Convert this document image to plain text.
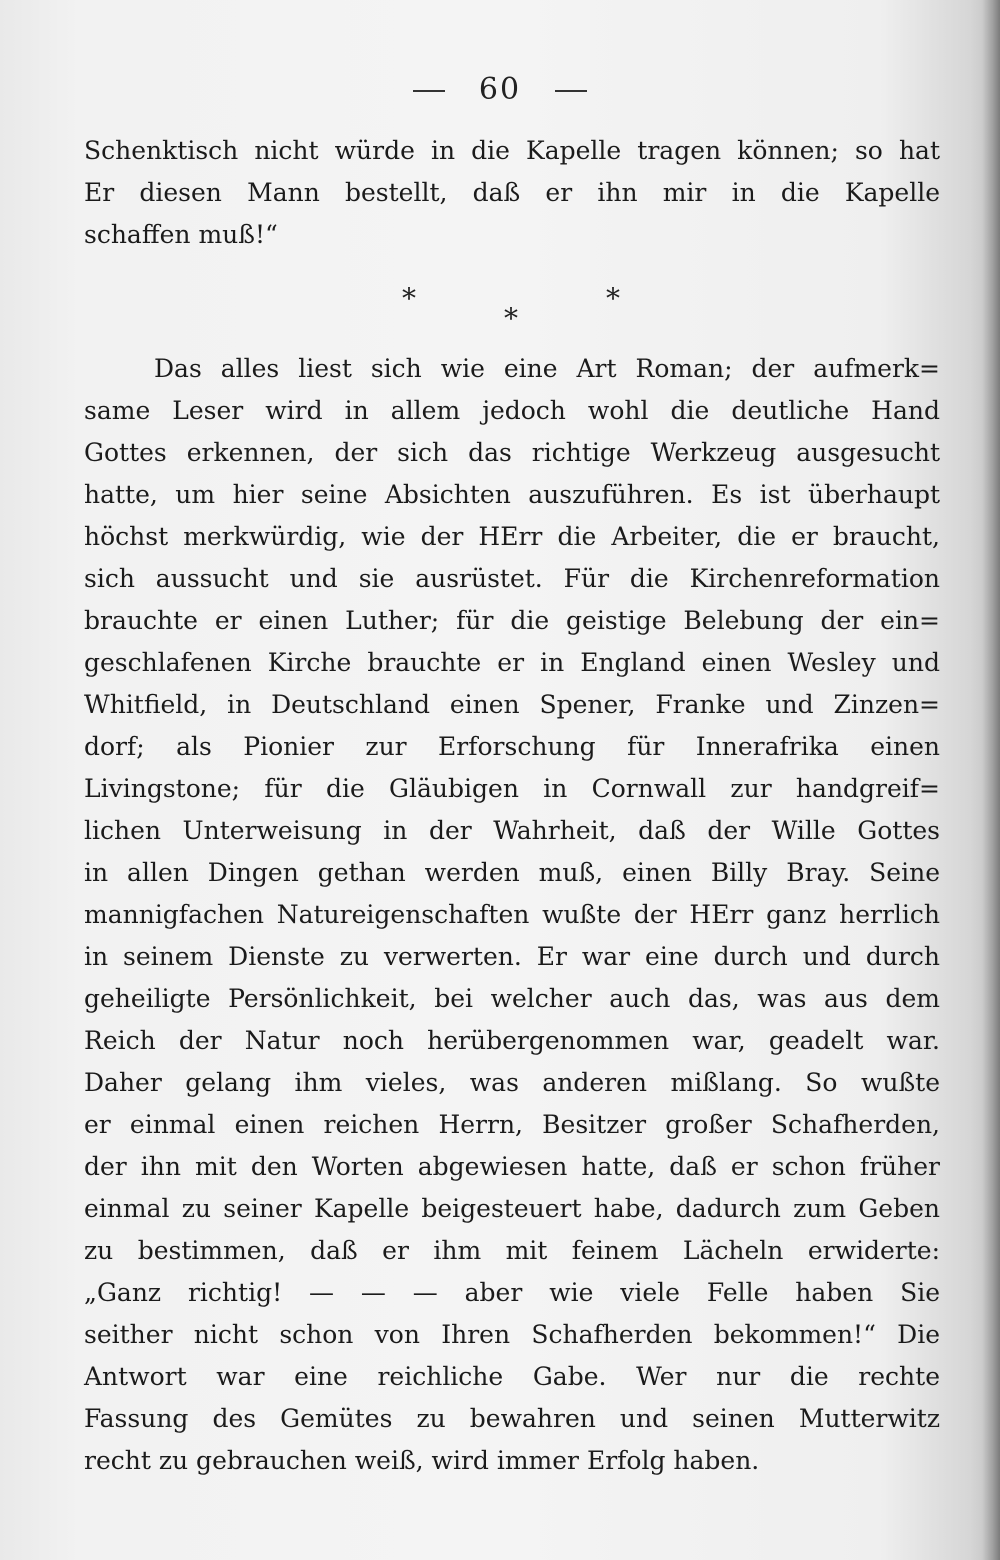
60
Schenktisch nicht würde in die Kapelle tragen können; so hat
Er diesen Mann bestellt, daß er ihn mir in die Kapelle
schaffen muß!“
*	*
*
Das alles liest sich wie eine Art Roman; der aufmerk=
same Leser wird in allem jedoch wohl die deutliche Hand
Gottes erkennen, der sich das richtige Werkzeug ausgesucht
hatte, um hier seine Absichten auszuführen. Es ist überhaupt
höchst merkwürdig, wie der HErr die Arbeiter, die er braucht,
sich aussucht und sie ausrüstet. Für die Kirchenreformation
brauchte er einen Luther; für die geistige Belebung der ein=
geschlafenen Kirche brauchte er in England einen Wesley und
Whitfield, in Deutschland einen Spener, Franke und Zinzen=
dorf; als Pionier zur Erforschung für Innerafrika einen
Livingstone; für die Gläubigen in Cornwall zur handgreif=
lichen Unterweisung in der Wahrheit, daß der Wille Gottes
in allen Dingen gethan werden muß, einen Billy Bray. Seine
mannigfachen Natureigenschaften wußte der HErr ganz herrlich
in seinem Dienste zu verwerten. Er war eine durch und durch
geheiligte Persönlichkeit, bei welcher auch das, was aus dem
Reich der Natur noch herübergenommen war, geadelt war.
Daher gelang ihm vieles, was anderen mißlang. So wußte
er einmal einen reichen Herrn, Besitzer großer Schafherden,
der ihn mit den Worten abgewiesen hatte, daß er schon früher
einmal zu seiner Kapelle beigesteuert habe, dadurch zum Geben
zu bestimmen, daß er ihm mit feinem Lächeln erwiderte:
„Ganz richtig! — — — aber wie viele Felle haben Sie
seither nicht schon von Ihren Schafherden bekommen!“ Die
Antwort war eine reichliche Gabe. Wer nur die rechte
Fassung des Gemütes zu bewahren und seinen Mutterwitz
recht zu gebrauchen weiß, wird immer Erfolg haben.
